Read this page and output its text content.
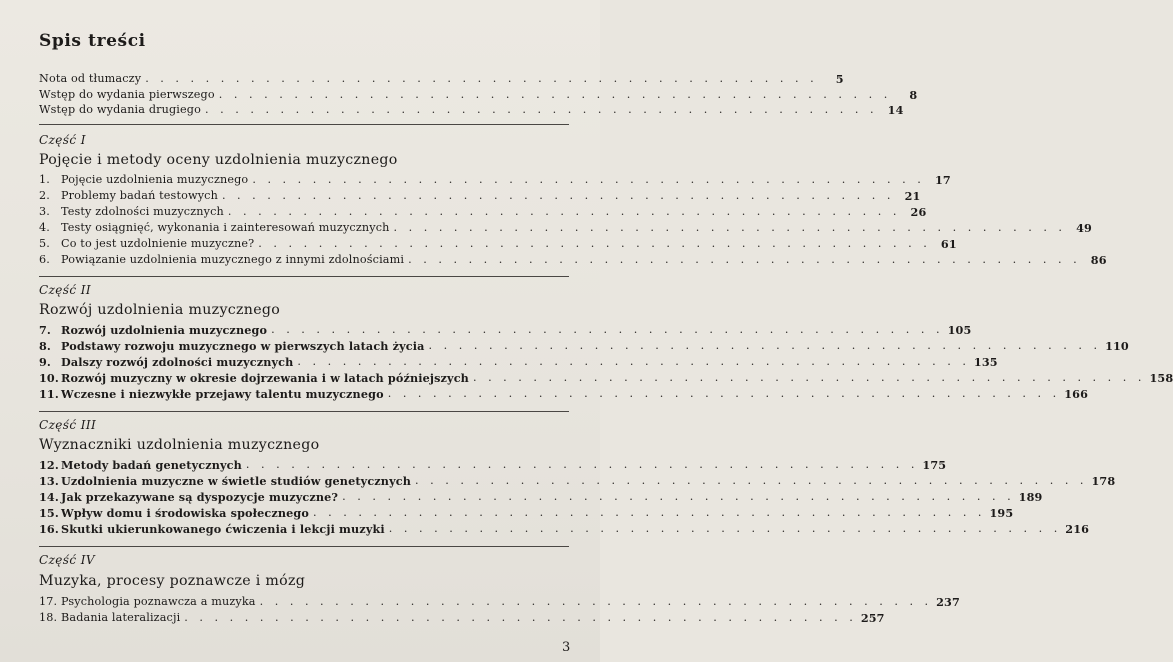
Spis treści
Nota od tłumaczy . . . . . . . . . . . . . . . . . . . . . . . . . . . . . . . . . . . . . . . . . . . . .	5
Wstęp do wydania pierwszego . . . . . . . . . . . . . . . . . . . . . . . . . . . . . . . . . . . . . . . . . . . . .	8
Wstęp do wydania drugiego . . . . . . . . . . . . . . . . . . . . . . . . . . . . . . . . . . . . . . . . . . . . . 14
Część I
Pojęcie i metody oceny uzdolnienia muzycznego
1. Pojęcie uzdolnienia muzycznego . . . . . . . . . . . . . . . . . . . . . . . . . . . . . . . . . . . . . . . . . . . . . 17
2. Problemy badań testowych . . . . . . . . . . . . . . . . . . . . . . . . . . . . . . . . . . . . . . . . . . . . . 21
3. Testy zdolności muzycznych . . . . . . . . . . . . . . . . . . . . . . . . . . . . . . . . . . . . . . . . . . . . . 26
4. Testy osiągnięć, wykonania i zainteresowań muzycznych . . . . . . . . . . . . . . . . . . . . . . . . . . . . . . . . . . . . . . . . . . . . . 49
5. Co to jest uzdolnienie muzyczne? . . . . . . . . . . . . . . . . . . . . . . . . . . . . . . . . . . . . . . . . . . . . . 61
6. Powiązanie uzdolnienia muzycznego z innymi zdolnościami . . . . . . . . . . . . . . . . . . . . . . . . . . . . . . . . . . . . . . . . . . . . . 86
Część II
Rozwój uzdolnienia muzycznego
7. Rozwój uzdolnienia muzycznego . . . . . . . . . . . . . . . . . . . . . . . . . . . . . . . . . . . . . . . . . . . . . 105
8. Podstawy rozwoju muzycznego w pierwszych latach życia . . . . . . . . . . . . . . . . . . . . . . . . . . . . . . . . . . . . . . . . . . . . . 110
9. Dalszy rozwój zdolności muzycznych . . . . . . . . . . . . . . . . . . . . . . . . . . . . . . . . . . . . . . . . . . . . . 135
10. Rozwój muzyczny w okresie dojrzewania i w latach późniejszych . . . . . . . . . . . . . . . . . . . . . . . . . . . . . . . . . . . . . . . . . . . . . 158
11. Wczesne i niezwykłe przejawy talentu muzycznego . . . . . . . . . . . . . . . . . . . . . . . . . . . . . . . . . . . . . . . . . . . . . 166
Część III
Wyznaczniki uzdolnienia muzycznego
12. Metody badań genetycznych . . . . . . . . . . . . . . . . . . . . . . . . . . . . . . . . . . . . . . . . . . . . . 175
13. Uzdolnienia muzyczne w świetle studiów genetycznych . . . . . . . . . . . . . . . . . . . . . . . . . . . . . . . . . . . . . . . . . . . . . 178
14. Jak przekazywane są dyspozycje muzyczne? . . . . . . . . . . . . . . . . . . . . . . . . . . . . . . . . . . . . . . . . . . . . . 189
15. Wpływ domu i środowiska społecznego . . . . . . . . . . . . . . . . . . . . . . . . . . . . . . . . . . . . . . . . . . . . . 195
16. Skutki ukierunkowanego ćwiczenia i lekcji muzyki . . . . . . . . . . . . . . . . . . . . . . . . . . . . . . . . . . . . . . . . . . . . . 216
Część IV
Muzyka, procesy poznawcze i mózg
17. Psychologia poznawcza a muzyka . . . . . . . . . . . . . . . . . . . . . . . . . . . . . . . . . . . . . . . . . . . . . 237
18. Badania lateralizacji . . . . . . . . . . . . . . . . . . . . . . . . . . . . . . . . . . . . . . . . . . . . . 257
3
